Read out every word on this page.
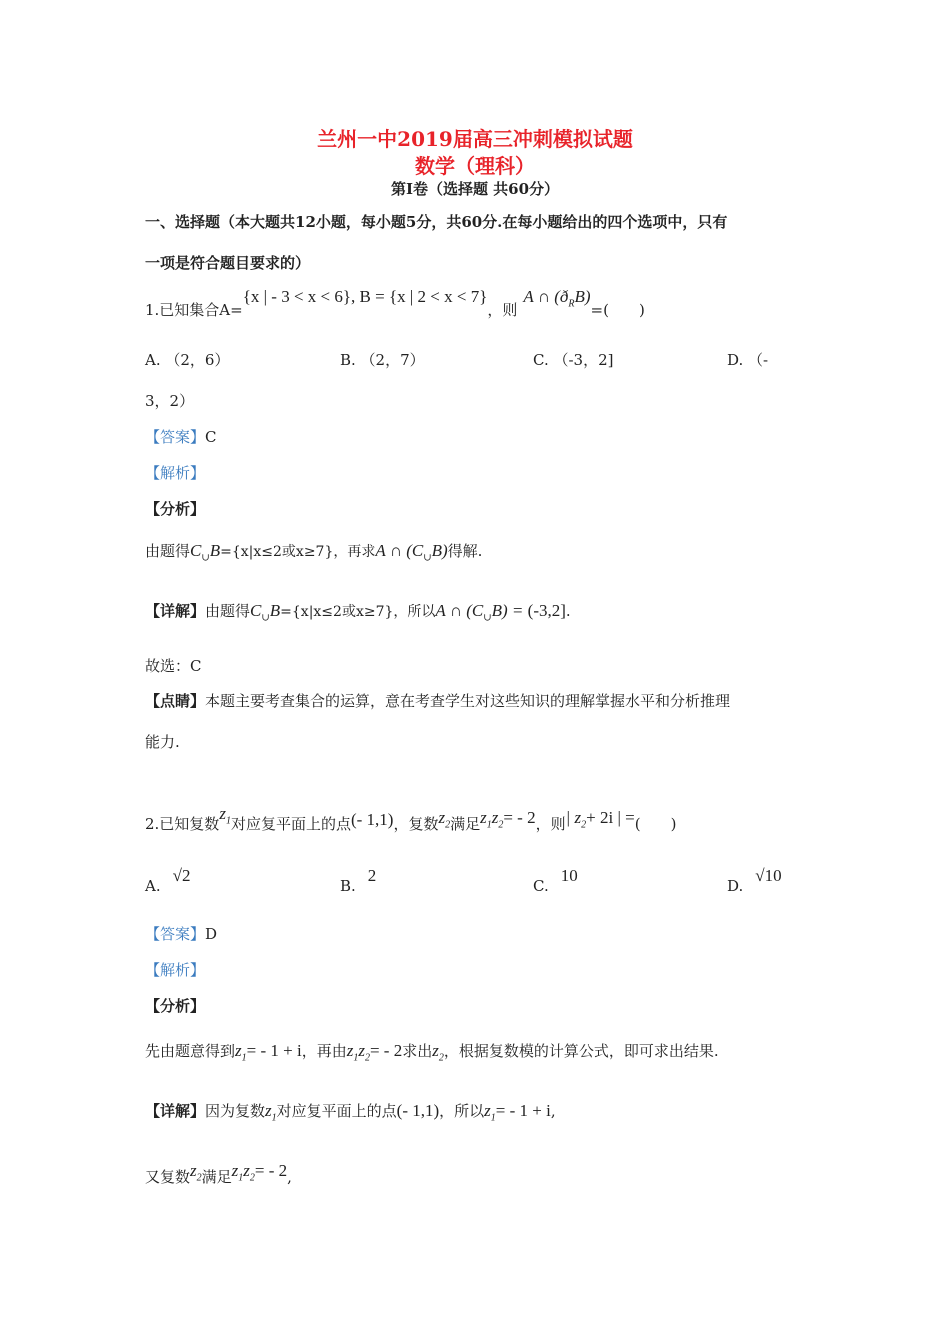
兰州一中2019届高三冲刺模拟试题
数学（理科）
第Ⅰ卷（选择题 共60分）
一、选择题（本大题共12小题，每小题5分，共60分.在每小题给出的四个选项中，只有
一项是符合题目要求的）
1.已知集合A={x | - 3 < x < 6}, B = {x | 2 < x < 7}，则A ∩ $(ð_RB)=$(　　)
A. （2，6）	B. （2，7）	C. （-3，2]	D. （-
3，2）
【答案】C
【解析】
【分析】
由题得$C_\cup B=\{x|x\le 2$或x≥7}，再求A ∩ $(C_\cup B)$得解.
【详解】由题得$C_\cup B=\{x|x\le 2$或x≥7}，所以A ∩ $(C_\cup B) = (-3,2]$.
故选：C
【点睛】本题主要考查集合的运算，意在考查学生对这些知识的理解掌握水平和分析推理
能力.
2.已知复数$z_1$对应复平面上的点(- 1,1)，复数$z_2$满足$z_1z_2= - 2$，则| $z_2+ 2i$ | =(　　)
A.√2
B.2
C.10
D.√10
【答案】D
【解析】
【分析】
先由题意得到$z_1= - 1 + i$，再由$z_1z_2= - 2$求出$z_2$，根据复数模的计算公式，即可求出结果.
【详解】因为复数$z_1$对应复平面上的点(- 1,1)，所以$z_1= - 1 + i$,
又复数$z_2$满足$z_1z_2= - 2$,
